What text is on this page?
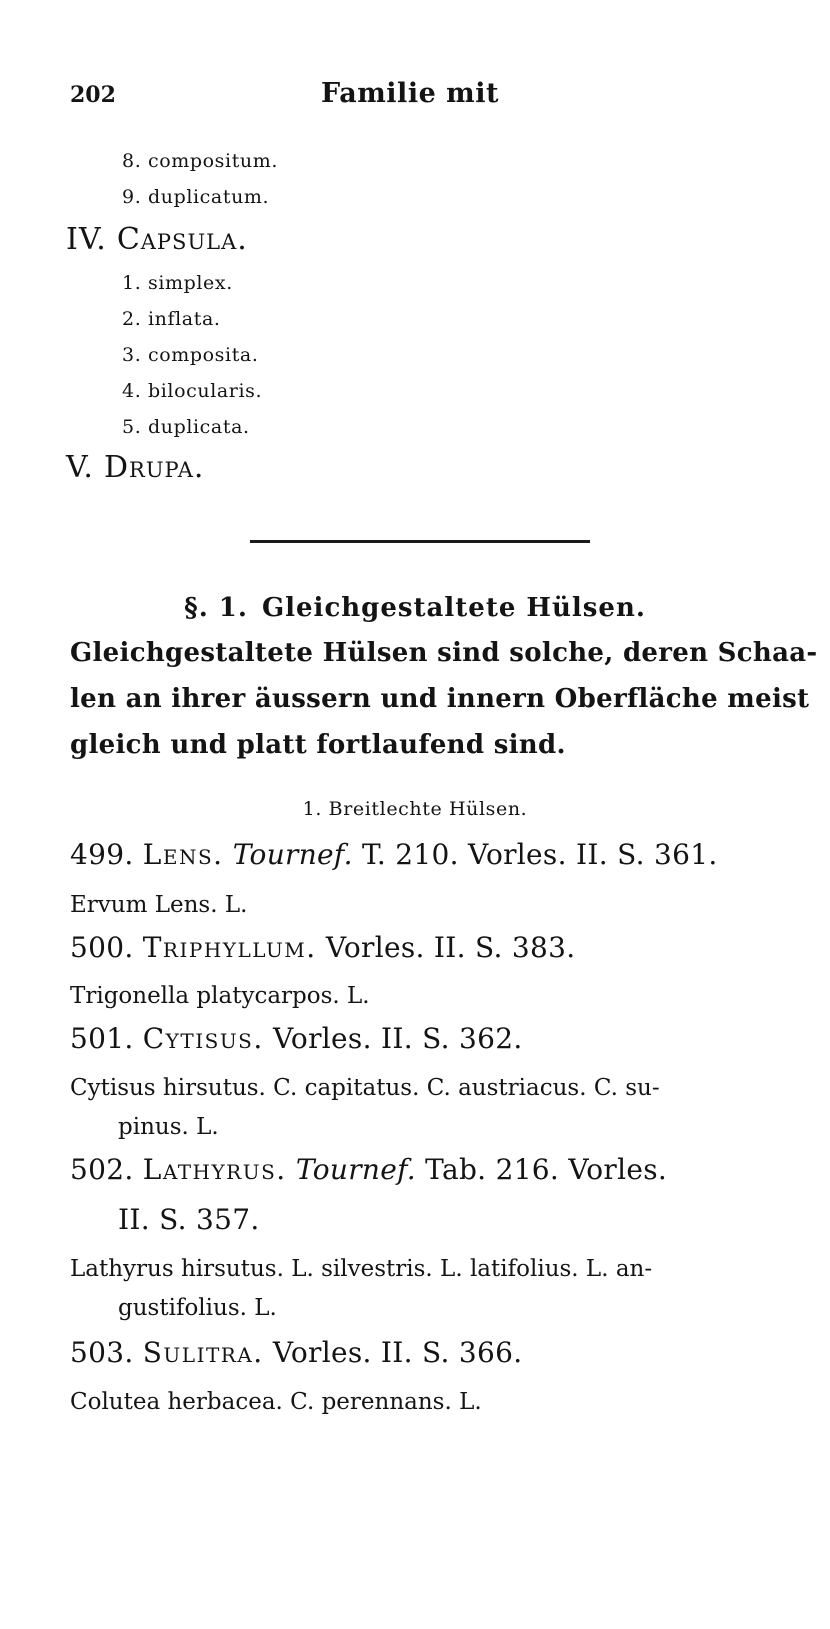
202	Familie mit
8. compositum.
9. duplicatum.
IV. Capsula.
1. simplex.
2. inflata.
3. composita.
4. bilocularis.
5. duplicata.
V. Drupa.
§. 1. Gleichgestaltete Hülsen.
Gleichgestaltete Hülsen sind solche, deren Schaa-
len an ihrer äussern und innern Oberfläche meist
gleich und platt fortlaufend sind.
1. Breitlechte Hülsen.
499. Lens. Tournef. T. 210. Vorles. II. S. 361.
Ervum Lens. L.
500. Triphyllum. Vorles. II. S. 383.
Trigonella platycarpos. L.
501. Cytisus. Vorles. II. S. 362.
Cytisus hirsutus. C. capitatus. C. austriacus. C. su-
pinus. L.
502. Lathyrus. Tournef. Tab. 216. Vorles.
II. S. 357.
Lathyrus hirsutus. L. silvestris. L. latifolius. L. an-
gustifolius. L.
503. Sulitra. Vorles. II. S. 366.
Colutea herbacea. C. perennans. L.
